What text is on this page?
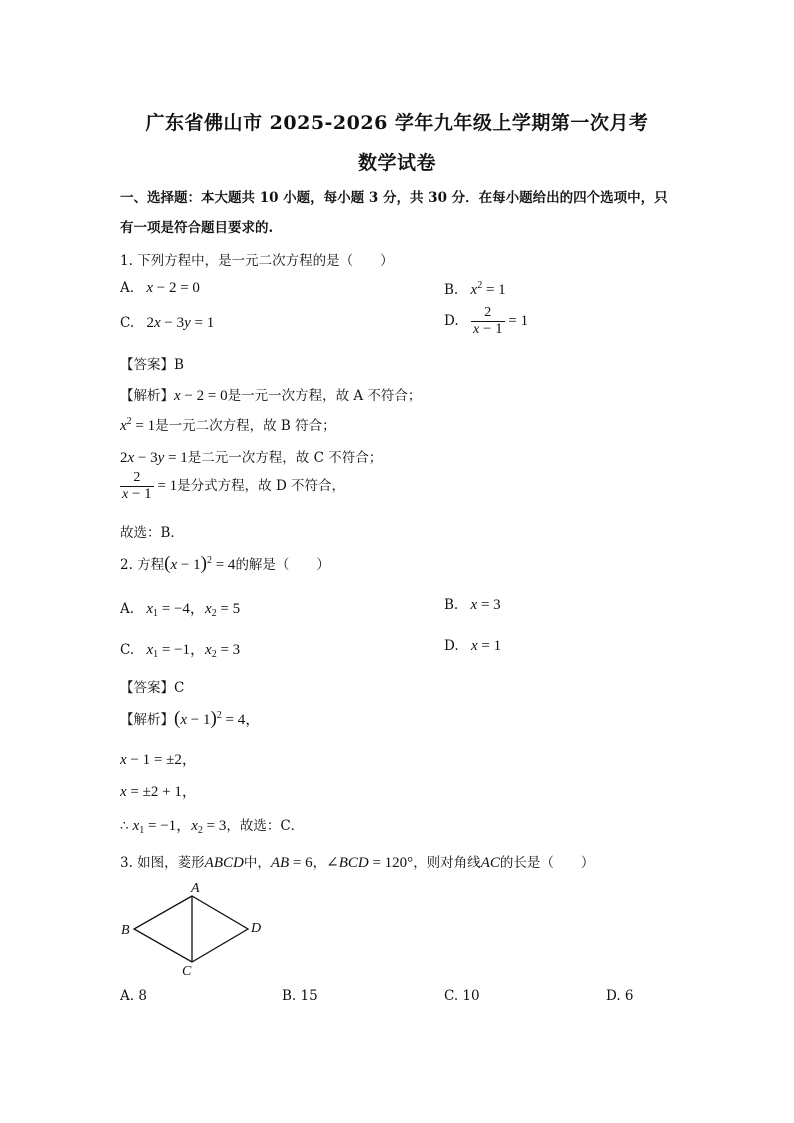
广东省佛山市 2025-2026 学年九年级上学期第一次月考
数学试卷
一、选择题：本大题共 10 小题，每小题 3 分，共 30 分．在每小题给出的四个选项中，只
有一项是符合题目要求的.
1. 下列方程中，是一元二次方程的是（　　）
A. x − 2 = 0	B. $x^2 = 1$
C. 2x − 3y = 1	D. $\frac{2}{x - 1} = 1$
【答案】B
【解析】x − 2 = 0是一元一次方程，故 A 不符合；
$x^2 = 1$是一元二次方程，故 B 符合；
2x − 3y = 1是二元一次方程，故 C 不符合；
$\frac{2}{x - 1} = 1$是分式方程，故 D 不符合，
故选：B．
2. 方程$(x - 1)^2 = 4$的解是（　　）
A. $x_1 = -4$，$x_2 = 5$	B. x = 3
C. $x_1 = -1$，$x_2 = 3$	D. x = 1
【答案】C
【解析】$(x - 1)^2 = 4$，
x − 1 = ±2，
x = ±2 + 1，
∴ $x_1 = -1$，$x_2 = 3$，故选：C．
3. 如图，菱形ABCD中，AB = 6，∠BCD = 120°，则对角线AC的长是（　　）
A
B
C
D
A. 8	B. 15	C. 10	D. 6
